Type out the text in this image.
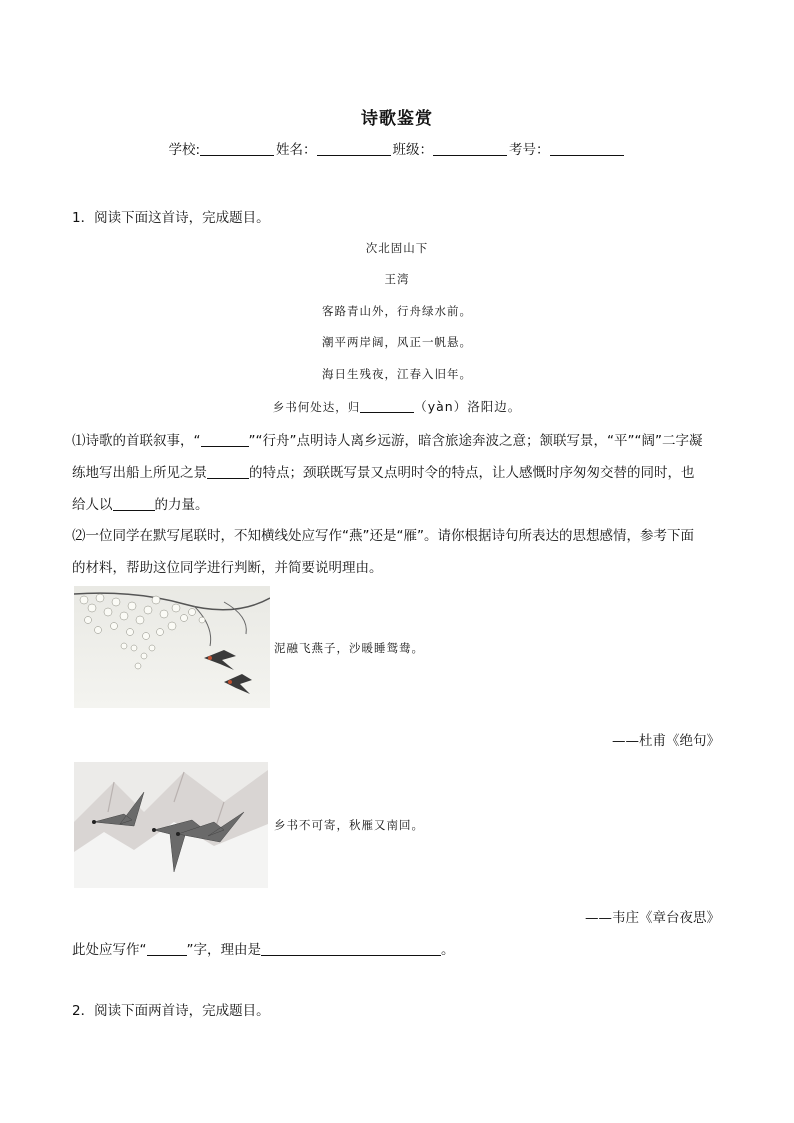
诗歌鉴赏
学校:	姓名：	班级：	考号：
1．阅读下面这首诗，完成题目。
次北固山下
王湾
客路青山外，行舟绿水前。
潮平两岸阔，风正一帆悬。
海日生残夜，江春入旧年。
乡书何处达，归	（yàn）洛阳边。
⑴诗歌的首联叙事，“	”“行舟”点明诗人离乡远游，暗含旅途奔波之意；颔联写景，“平”“阔”二字凝
练地写出船上所见之景	的特点；颈联既写景又点明时令的特点，让人感慨时序匆匆交替的同时，也
给人以	的力量。
⑵一位同学在默写尾联时，不知横线处应写作“燕”还是“雁”。请你根据诗句所表达的思想感情，参考下面
的材料，帮助这位同学进行判断，并简要说明理由。
泥融飞燕子，沙暖睡鸳鸯。
——杜甫《绝句》
乡书不可寄，秋雁又南回。
——韦庄《章台夜思》
此处应写作“	”字，理由是	。
2．阅读下面两首诗，完成题目。
